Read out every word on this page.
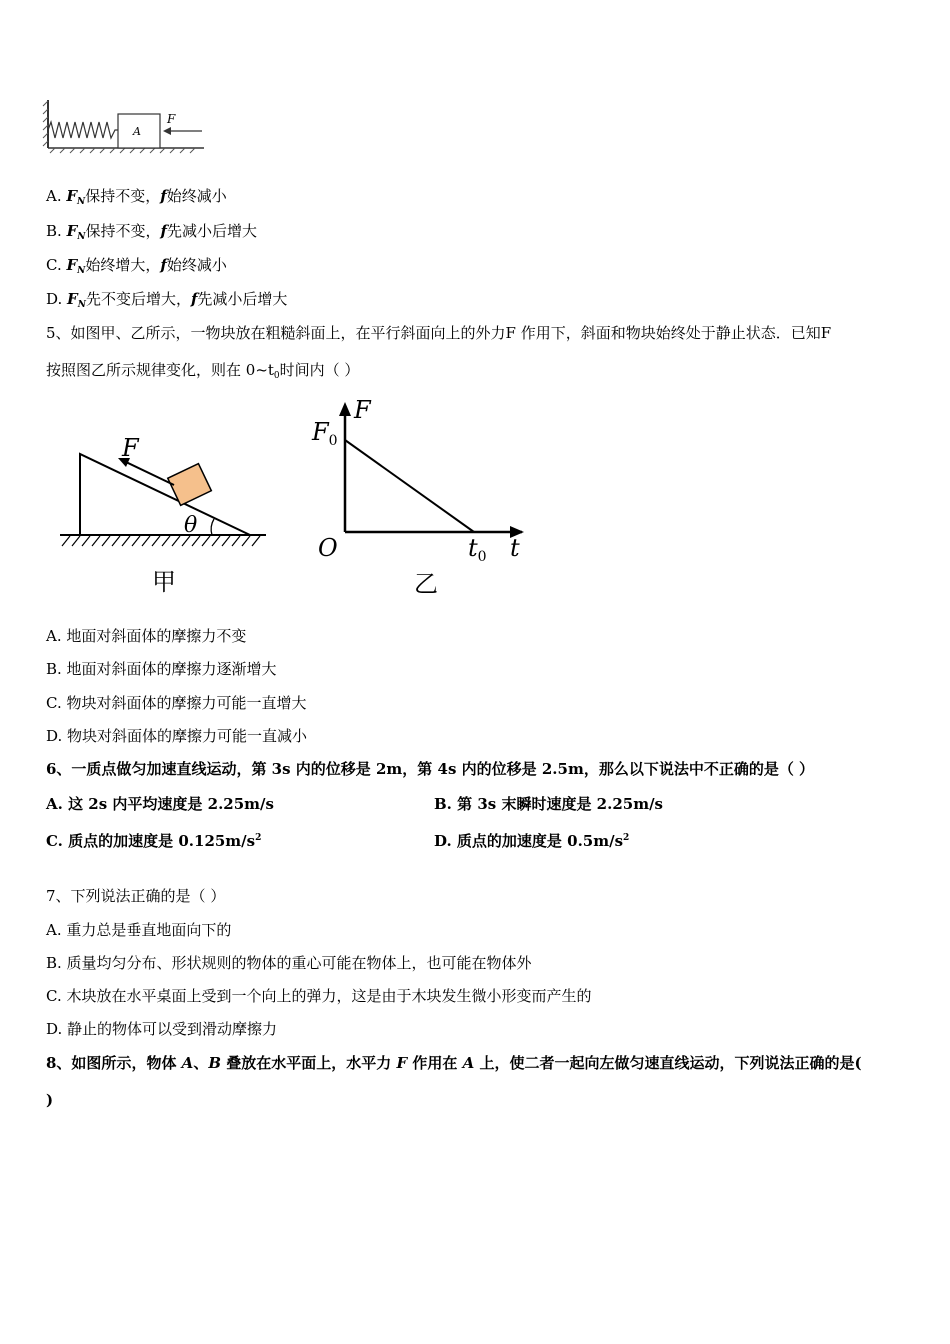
A
F
A. $F_N$保持不变，f始终减小
B. $F_N$保持不变，f先减小后增大
C. $F_N$始终增大，f始终减小
D. $F_N$先不变后增大，f先减小后增大
5、如图甲、乙所示，一物块放在粗糙斜面上，在平行斜面向上的外力F 作用下，斜面和物块始终处于静止状态．已知F
按照图乙所示规律变化，则在 $0\sim t_0$时间内（ ）
F
θ
甲
F
$F_0$
O	$t_0$ t
乙
A. 地面对斜面体的摩擦力不变
B. 地面对斜面体的摩擦力逐渐增大
C. 物块对斜面体的摩擦力可能一直增大
D. 物块对斜面体的摩擦力可能一直减小
6、一质点做匀加速直线运动，第 3s 内的位移是 2m，第 4s 内的位移是 2.5m，那么以下说法中不正确的是（ ）
A. 这 2s 内平均速度是 2.25m/s	B. 第 3s 末瞬时速度是 2.25m/s
C. 质点的加速度是 $0.125m/s^2$	D. 质点的加速度是 $0.5m/s^2$
7、下列说法正确的是（ ）
A. 重力总是垂直地面向下的
B. 质量均匀分布、形状规则的物体的重心可能在物体上，也可能在物体外
C. 木块放在水平桌面上受到一个向上的弹力，这是由于木块发生微小形变而产生的
D. 静止的物体可以受到滑动摩擦力
8、如图所示，物体 A、B 叠放在水平面上，水平力 F 作用在 A 上，使二者一起向左做匀速直线运动，下列说法正确的是(
)
